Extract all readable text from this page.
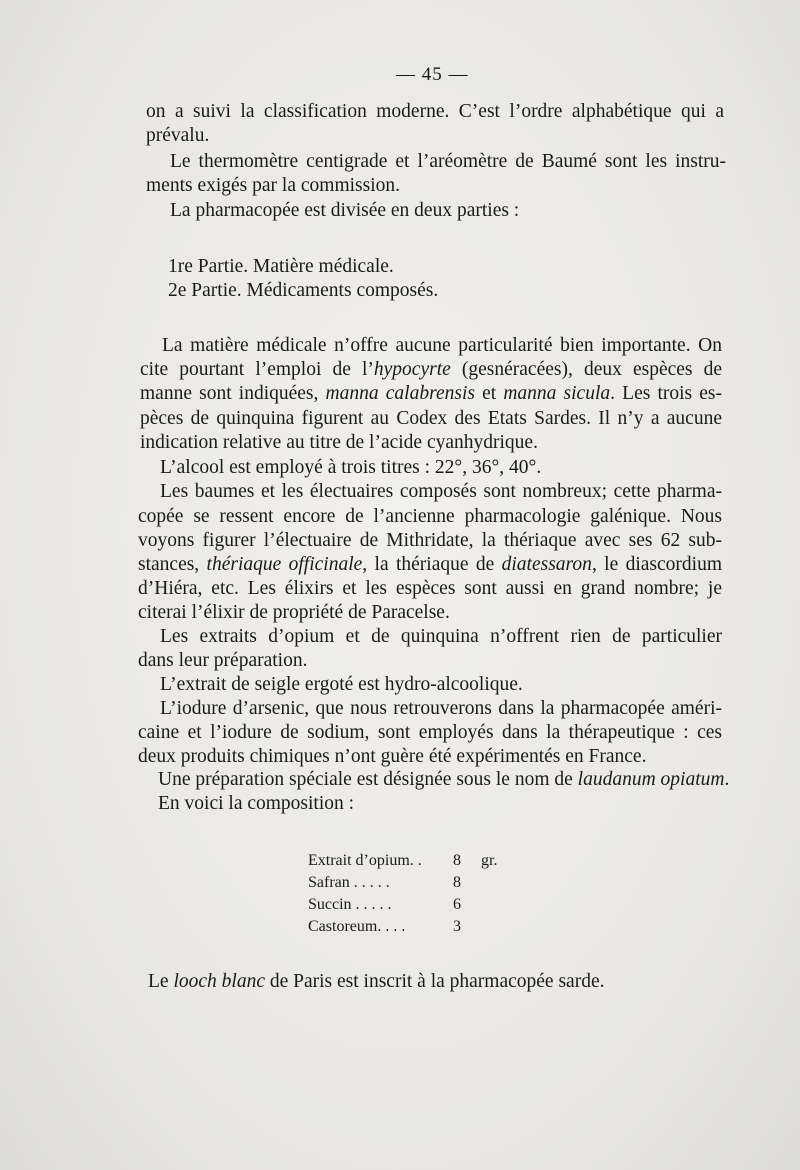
— 45 —
on a suivi la classification moderne. C’est l’ordre alphabétique qui a
prévalu.
Le thermomètre centigrade et l’aréomètre de Baumé sont les instru-
ments exigés par la commission.
La pharmacopée est divisée en deux parties :
1re Partie. Matière médicale.
2e Partie. Médicaments composés.
La matière médicale n’offre aucune particularité bien importante. On
cite pourtant l’emploi de l’hypocyrte (gesnéracées), deux espèces de
manne sont indiquées, manna calabrensis et manna sicula. Les trois es-
pèces de quinquina figurent au Codex des Etats Sardes. Il n’y a aucune
indication relative au titre de l’acide cyanhydrique.
L’alcool est employé à trois titres : 22°, 36°, 40°.
Les baumes et les électuaires composés sont nombreux; cette pharma-
copée se ressent encore de l’ancienne pharmacologie galénique. Nous
voyons figurer l’électuaire de Mithridate, la thériaque avec ses 62 sub-
stances, thériaque officinale, la thériaque de diatessaron, le diascordium
d’Hiéra, etc. Les élixirs et les espèces sont aussi en grand nombre; je
citerai l’élixir de propriété de Paracelse.
Les extraits d’opium et de quinquina n’offrent rien de particulier
dans leur préparation.
L’extrait de seigle ergoté est hydro-alcoolique.
L’iodure d’arsenic, que nous retrouverons dans la pharmacopée améri-
caine et l’iodure de sodium, sont employés dans la thérapeutique : ces
deux produits chimiques n’ont guère été expérimentés en France.
Une préparation spéciale est désignée sous le nom de laudanum opiatum.
En voici la composition :
Extrait d’opium. . 8 gr.
Safran . . . . .	8
Succin . . . . .	6
Castoreum. . . .	3
Le looch blanc de Paris est inscrit à la pharmacopée sarde.
